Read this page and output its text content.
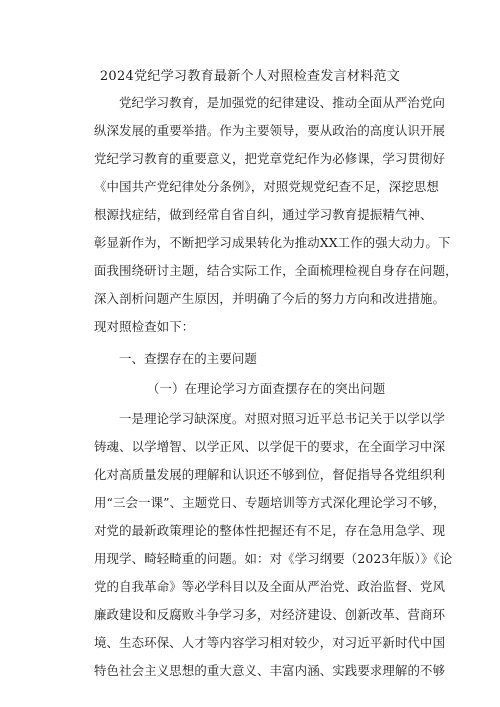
2024党纪学习教育最新个人对照检查发言材料范文
党纪学习教育，是加强党的纪律建设、推动全面从严治党向
纵深发展的重要举措。作为主要领导，要从政治的高度认识开展
党纪学习教育的重要意义，把党章党纪作为必修课，学习贯彻好
《中国共产党纪律处分条例》，对照党规党纪查不足，深挖思想
根源找症结，做到经常自省自纠，通过学习教育提振精气神、
彰显新作为，不断把学习成果转化为推动XX工作的强大动力。下
面我围绕研讨主题，结合实际工作，全面梳理检视自身存在问题，
深入剖析问题产生原因，并明确了今后的努力方向和改进措施。
现对照检查如下：
一、查摆存在的主要问题
（一）在理论学习方面查摆存在的突出问题
一是理论学习缺深度。对照对照习近平总书记关于以学以学
铸魂、以学增智、以学正风、以学促干的要求，在全面学习中深
化对高质量发展的理解和认识还不够到位，督促指导各党组织利
用“三会一课”、主题党日、专题培训等方式深化理论学习不够，
对党的最新政策理论的整体性把握还有不足，存在急用急学、现
用现学、畸轻畸重的问题。如：对《学习纲要（2023年版）》《论
党的自我革命》等必学科目以及全面从严治党、政治监督、党风
廉政建设和反腐败斗争学习多，对经济建设、创新改革、营商环
境、生态环保、人才等内容学习相对较少，对习近平新时代中国
特色社会主义思想的重大意义、丰富内涵、实践要求理解的不够
